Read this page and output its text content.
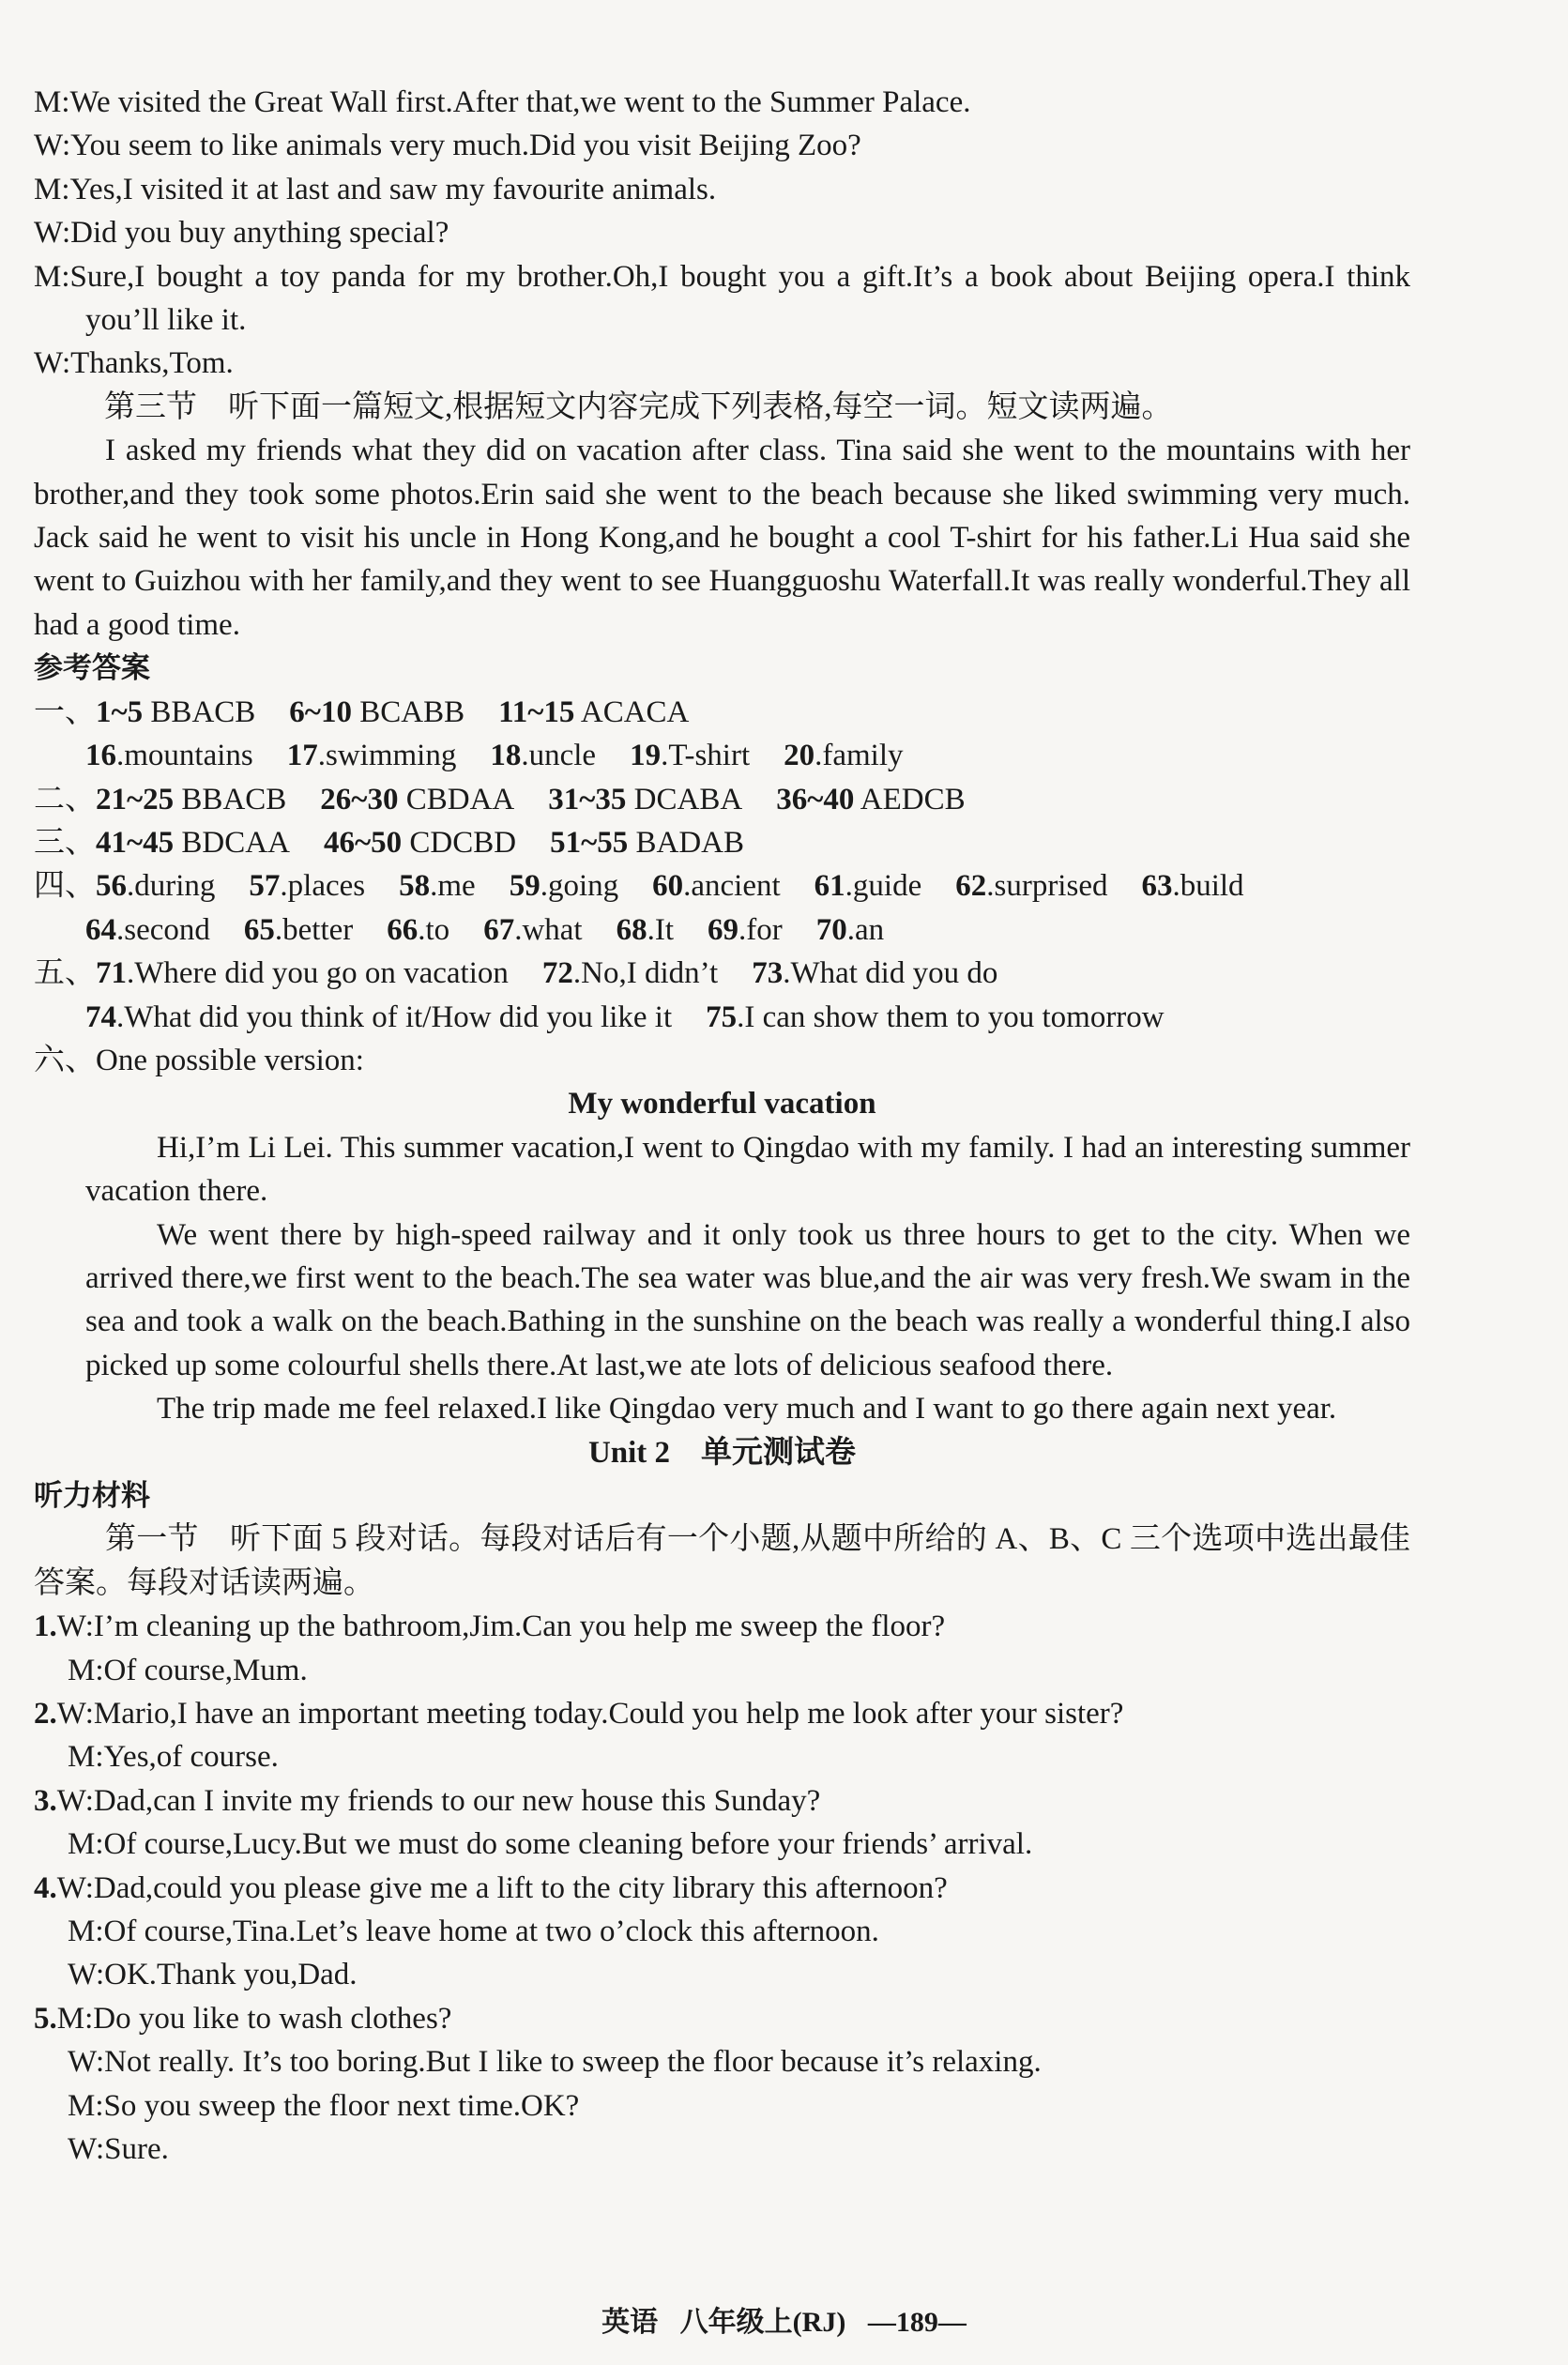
M:We visited the Great Wall first.After that,we went to the Summer Palace.
W:You seem to like animals very much.Did you visit Beijing Zoo?
M:Yes,I visited it at last and saw my favourite animals.
W:Did you buy anything special?
M:Sure,I bought a toy panda for my brother.Oh,I bought you a gift.It’s a book about Beijing opera.I think you’ll like it.
W:Thanks,Tom.
第三节　听下面一篇短文,根据短文内容完成下列表格,每空一词。短文读两遍。
I asked my friends what they did on vacation after class. Tina said she went to the mountains with her brother,and they took some photos.Erin said she went to the beach because she liked swimming very much. Jack said he went to visit his uncle in Hong Kong,and he bought a cool T-shirt for his father.Li Hua said she went to Guizhou with her family,and they went to see Huangguoshu Waterfall.It was really wonderful.They all had a good time.
参考答案
一、1~5 BBACB 6~10 BCABB 11~15 ACACA
16.mountains 17.swimming 18.uncle 19.T-shirt 20.family
二、21~25 BBACB 26~30 CBDAA 31~35 DCABA 36~40 AEDCB
三、41~45 BDCAA 46~50 CDCBD 51~55 BADAB
四、56.during 57.places 58.me 59.going 60.ancient 61.guide 62.surprised 63.build
64.second 65.better 66.to 67.what 68.It 69.for 70.an
五、71.Where did you go on vacation 72.No,I didn’t 73.What did you do
74.What did you think of it/How did you like it 75.I can show them to you tomorrow
六、One possible version:
My wonderful vacation
Hi,I’m Li Lei. This summer vacation,I went to Qingdao with my family. I had an interesting summer vacation there.
We went there by high-speed railway and it only took us three hours to get to the city. When we arrived there,we first went to the beach.The sea water was blue,and the air was very fresh.We swam in the sea and took a walk on the beach.Bathing in the sunshine on the beach was really a wonderful thing.I also picked up some colourful shells there.At last,we ate lots of delicious seafood there.
The trip made me feel relaxed.I like Qingdao very much and I want to go there again next year.
Unit 2　单元测试卷
听力材料
第一节　听下面 5 段对话。每段对话后有一个小题,从题中所给的 A、B、C 三个选项中选出最佳答案。每段对话读两遍。
1.W:I’m cleaning up the bathroom,Jim.Can you help me sweep the floor?
M:Of course,Mum.
2.W:Mario,I have an important meeting today.Could you help me look after your sister?
M:Yes,of course.
3.W:Dad,can I invite my friends to our new house this Sunday?
M:Of course,Lucy.But we must do some cleaning before your friends’ arrival.
4.W:Dad,could you please give me a lift to the city library this afternoon?
M:Of course,Tina.Let’s leave home at two o’clock this afternoon.
W:OK.Thank you,Dad.
5.M:Do you like to wash clothes?
W:Not really. It’s too boring.But I like to sweep the floor because it’s relaxing.
M:So you sweep the floor next time.OK?
W:Sure.
英语 八年级上(RJ) —189—
